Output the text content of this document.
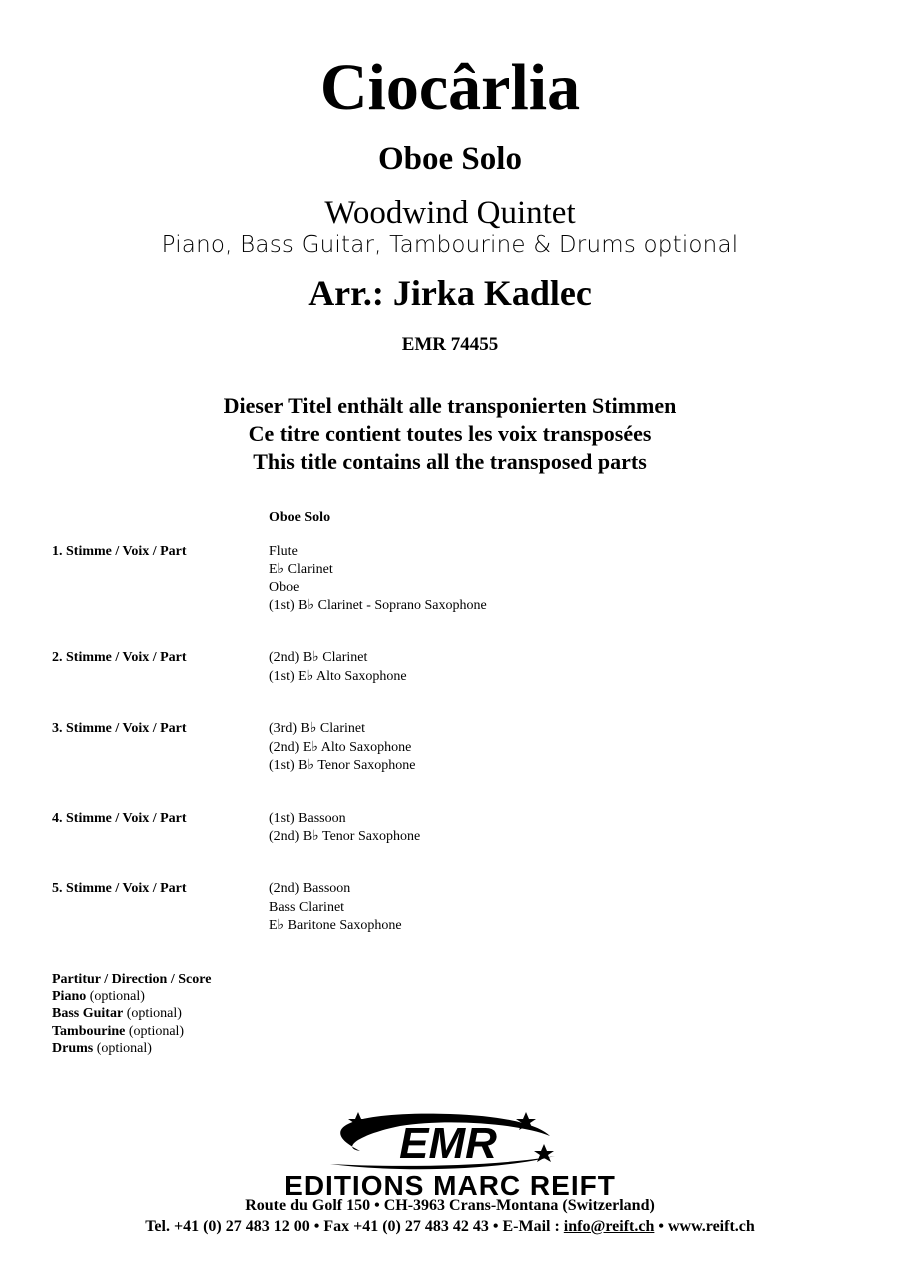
Ciocârlia
Oboe Solo
Woodwind Quintet
Piano, Bass Guitar, Tambourine & Drums optional
Arr.: Jirka Kadlec
EMR 74455
Dieser Titel enthält alle transponierten Stimmen
Ce titre contient toutes les voix transposées
This title contains all the transposed parts
Oboe Solo
1. Stimme / Voix / Part	Flute
E♭ Clarinet
Oboe
(1st) B♭ Clarinet - Soprano Saxophone
2. Stimme / Voix / Part	(2nd) B♭ Clarinet
(1st) E♭ Alto Saxophone
3. Stimme / Voix / Part	(3rd) B♭ Clarinet
(2nd) E♭ Alto Saxophone
(1st) B♭ Tenor Saxophone
4. Stimme / Voix / Part	(1st) Bassoon
(2nd) B♭ Tenor Saxophone
5. Stimme / Voix / Part	(2nd) Bassoon
Bass Clarinet
E♭ Baritone Saxophone
Partitur / Direction / Score
Piano (optional)
Bass Guitar (optional)
Tambourine (optional)
Drums (optional)
EMR
EDITIONS MARC REIFT
Route du Golf 150 • CH-3963 Crans-Montana (Switzerland)
Tel. +41 (0) 27 483 12 00 • Fax +41 (0) 27 483 42 43 • E-Mail : info@reift.ch • www.reift.ch
